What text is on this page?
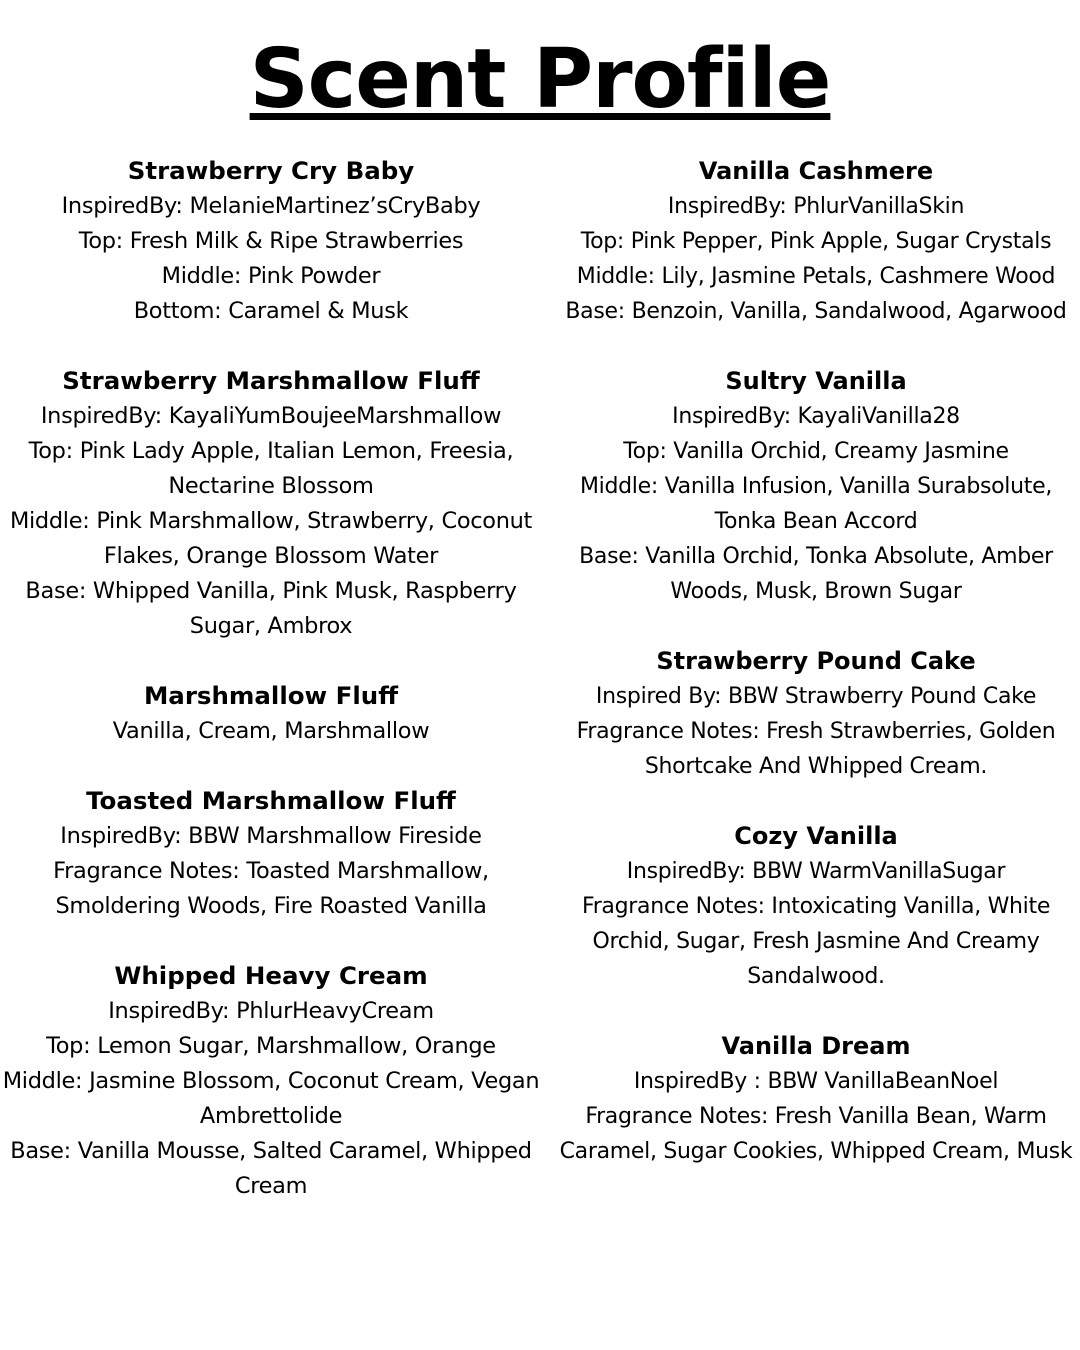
Scent Profile
Strawberry Cry Baby
InspiredBy: MelanieMartinez’sCryBaby
Top: Fresh Milk & Ripe Strawberries
Middle: Pink Powder
Bottom: Caramel & Musk
Strawberry Marshmallow Fluff
InspiredBy: KayaliYumBoujeeMarshmallow
Top: Pink Lady Apple, Italian Lemon, Freesia, Nectarine Blossom
Middle: Pink Marshmallow, Strawberry, Coconut Flakes, Orange Blossom Water
Base: Whipped Vanilla, Pink Musk, Raspberry Sugar, Ambrox
Marshmallow Fluff
Vanilla, Cream, Marshmallow
Toasted Marshmallow Fluff
InspiredBy: BBW Marshmallow Fireside
Fragrance Notes: Toasted Marshmallow, Smoldering Woods, Fire Roasted Vanilla
Whipped Heavy Cream
InspiredBy: PhlurHeavyCream
Top: Lemon Sugar, Marshmallow, Orange
Middle: Jasmine Blossom, Coconut Cream, Vegan Ambrettolide
Base: Vanilla Mousse, Salted Caramel, Whipped Cream
Vanilla Cashmere
InspiredBy: PhlurVanillaSkin
Top: Pink Pepper, Pink Apple, Sugar Crystals
Middle: Lily, Jasmine Petals, Cashmere Wood
Base: Benzoin, Vanilla, Sandalwood, Agarwood
Sultry Vanilla
InspiredBy: KayaliVanilla28
Top: Vanilla Orchid, Creamy Jasmine
Middle: Vanilla Infusion, Vanilla Surabsolute, Tonka Bean Accord
Base: Vanilla Orchid, Tonka Absolute, Amber Woods, Musk, Brown Sugar
Strawberry Pound Cake
Inspired By: BBW Strawberry Pound Cake
Fragrance Notes: Fresh Strawberries, Golden Shortcake And Whipped Cream.
Cozy Vanilla
InspiredBy: BBW WarmVanillaSugar
Fragrance Notes: Intoxicating Vanilla, White Orchid, Sugar, Fresh Jasmine And Creamy Sandalwood.
Vanilla Dream
InspiredBy : BBW VanillaBeanNoel
Fragrance Notes: Fresh Vanilla Bean, Warm Caramel, Sugar Cookies, Whipped Cream, Musk
